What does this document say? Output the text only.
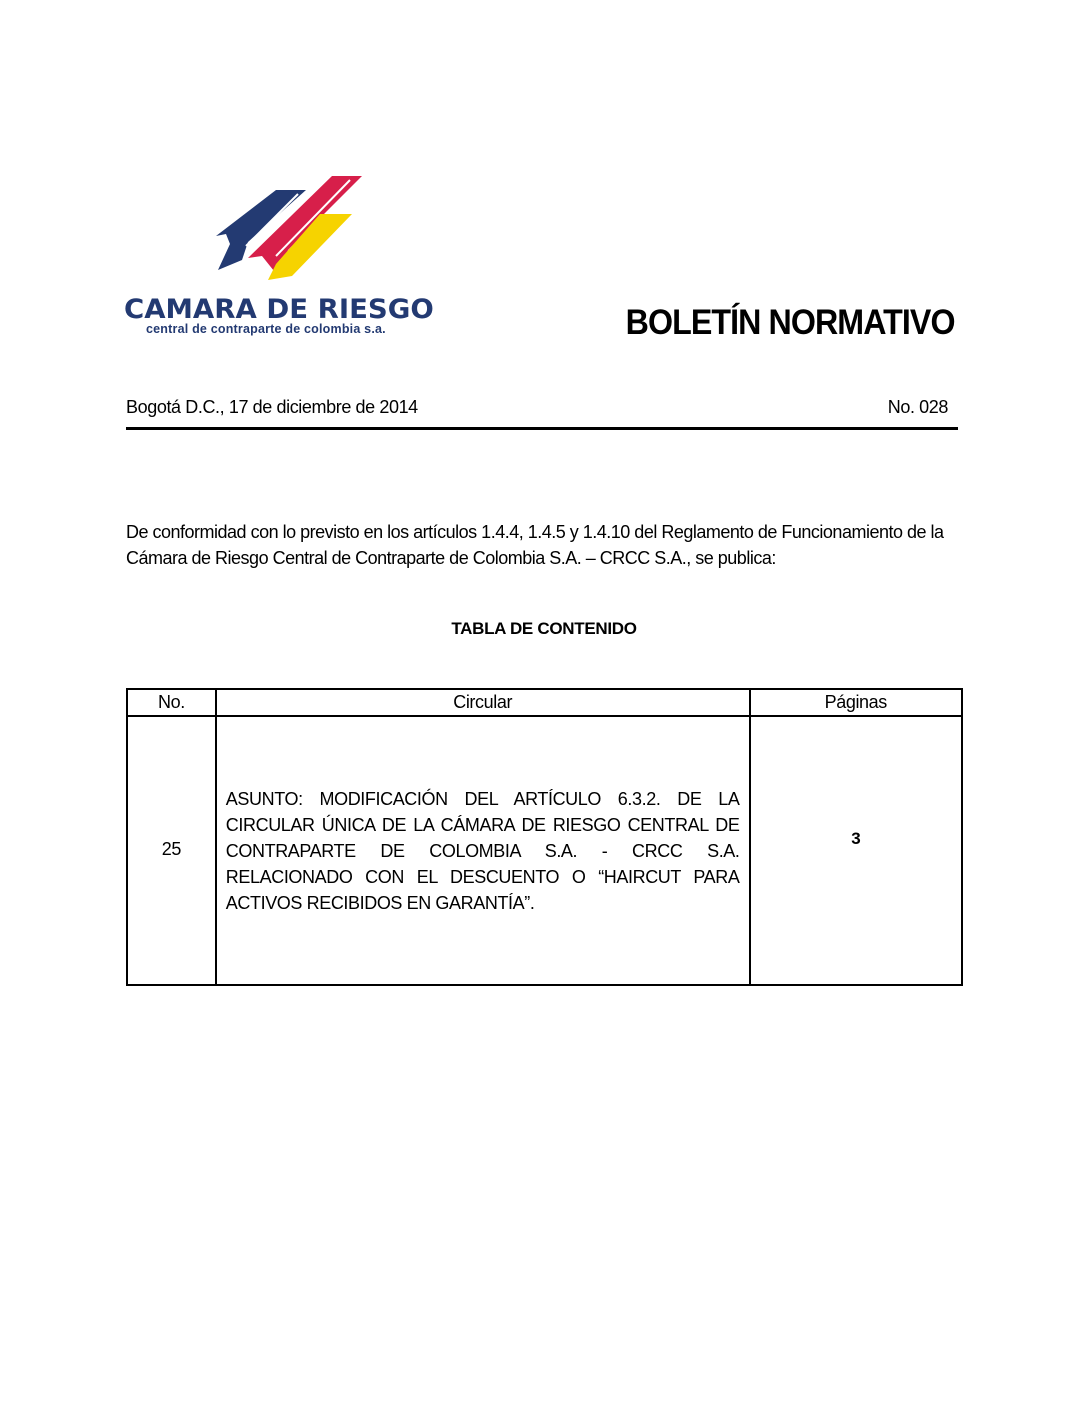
CAMARA DE RIESGO
central de contraparte de colombia s.a.	BOLETÍN NORMATIVO
Bogotá D.C., 17 de diciembre de 2014	No. 028
De conformidad con lo previsto en los artículos 1.4.4, 1.4.5 y 1.4.10 del Reglamento de Funcionamiento de la Cámara de Riesgo Central de Contraparte de Colombia S.A. – CRCC S.A., se publica:
TABLA DE CONTENIDO
No.	Circular	Páginas
25	ASUNTO: MODIFICACIÓN DEL ARTÍCULO 6.3.2. DE LA CIRCULAR ÚNICA DE LA CÁMARA DE RIESGO CENTRAL DE CONTRAPARTE DE COLOMBIA S.A. - CRCC S.A. RELACIONADO CON EL DESCUENTO O “HAIRCUT PARA ACTIVOS RECIBIDOS EN GARANTÍA”.	3
